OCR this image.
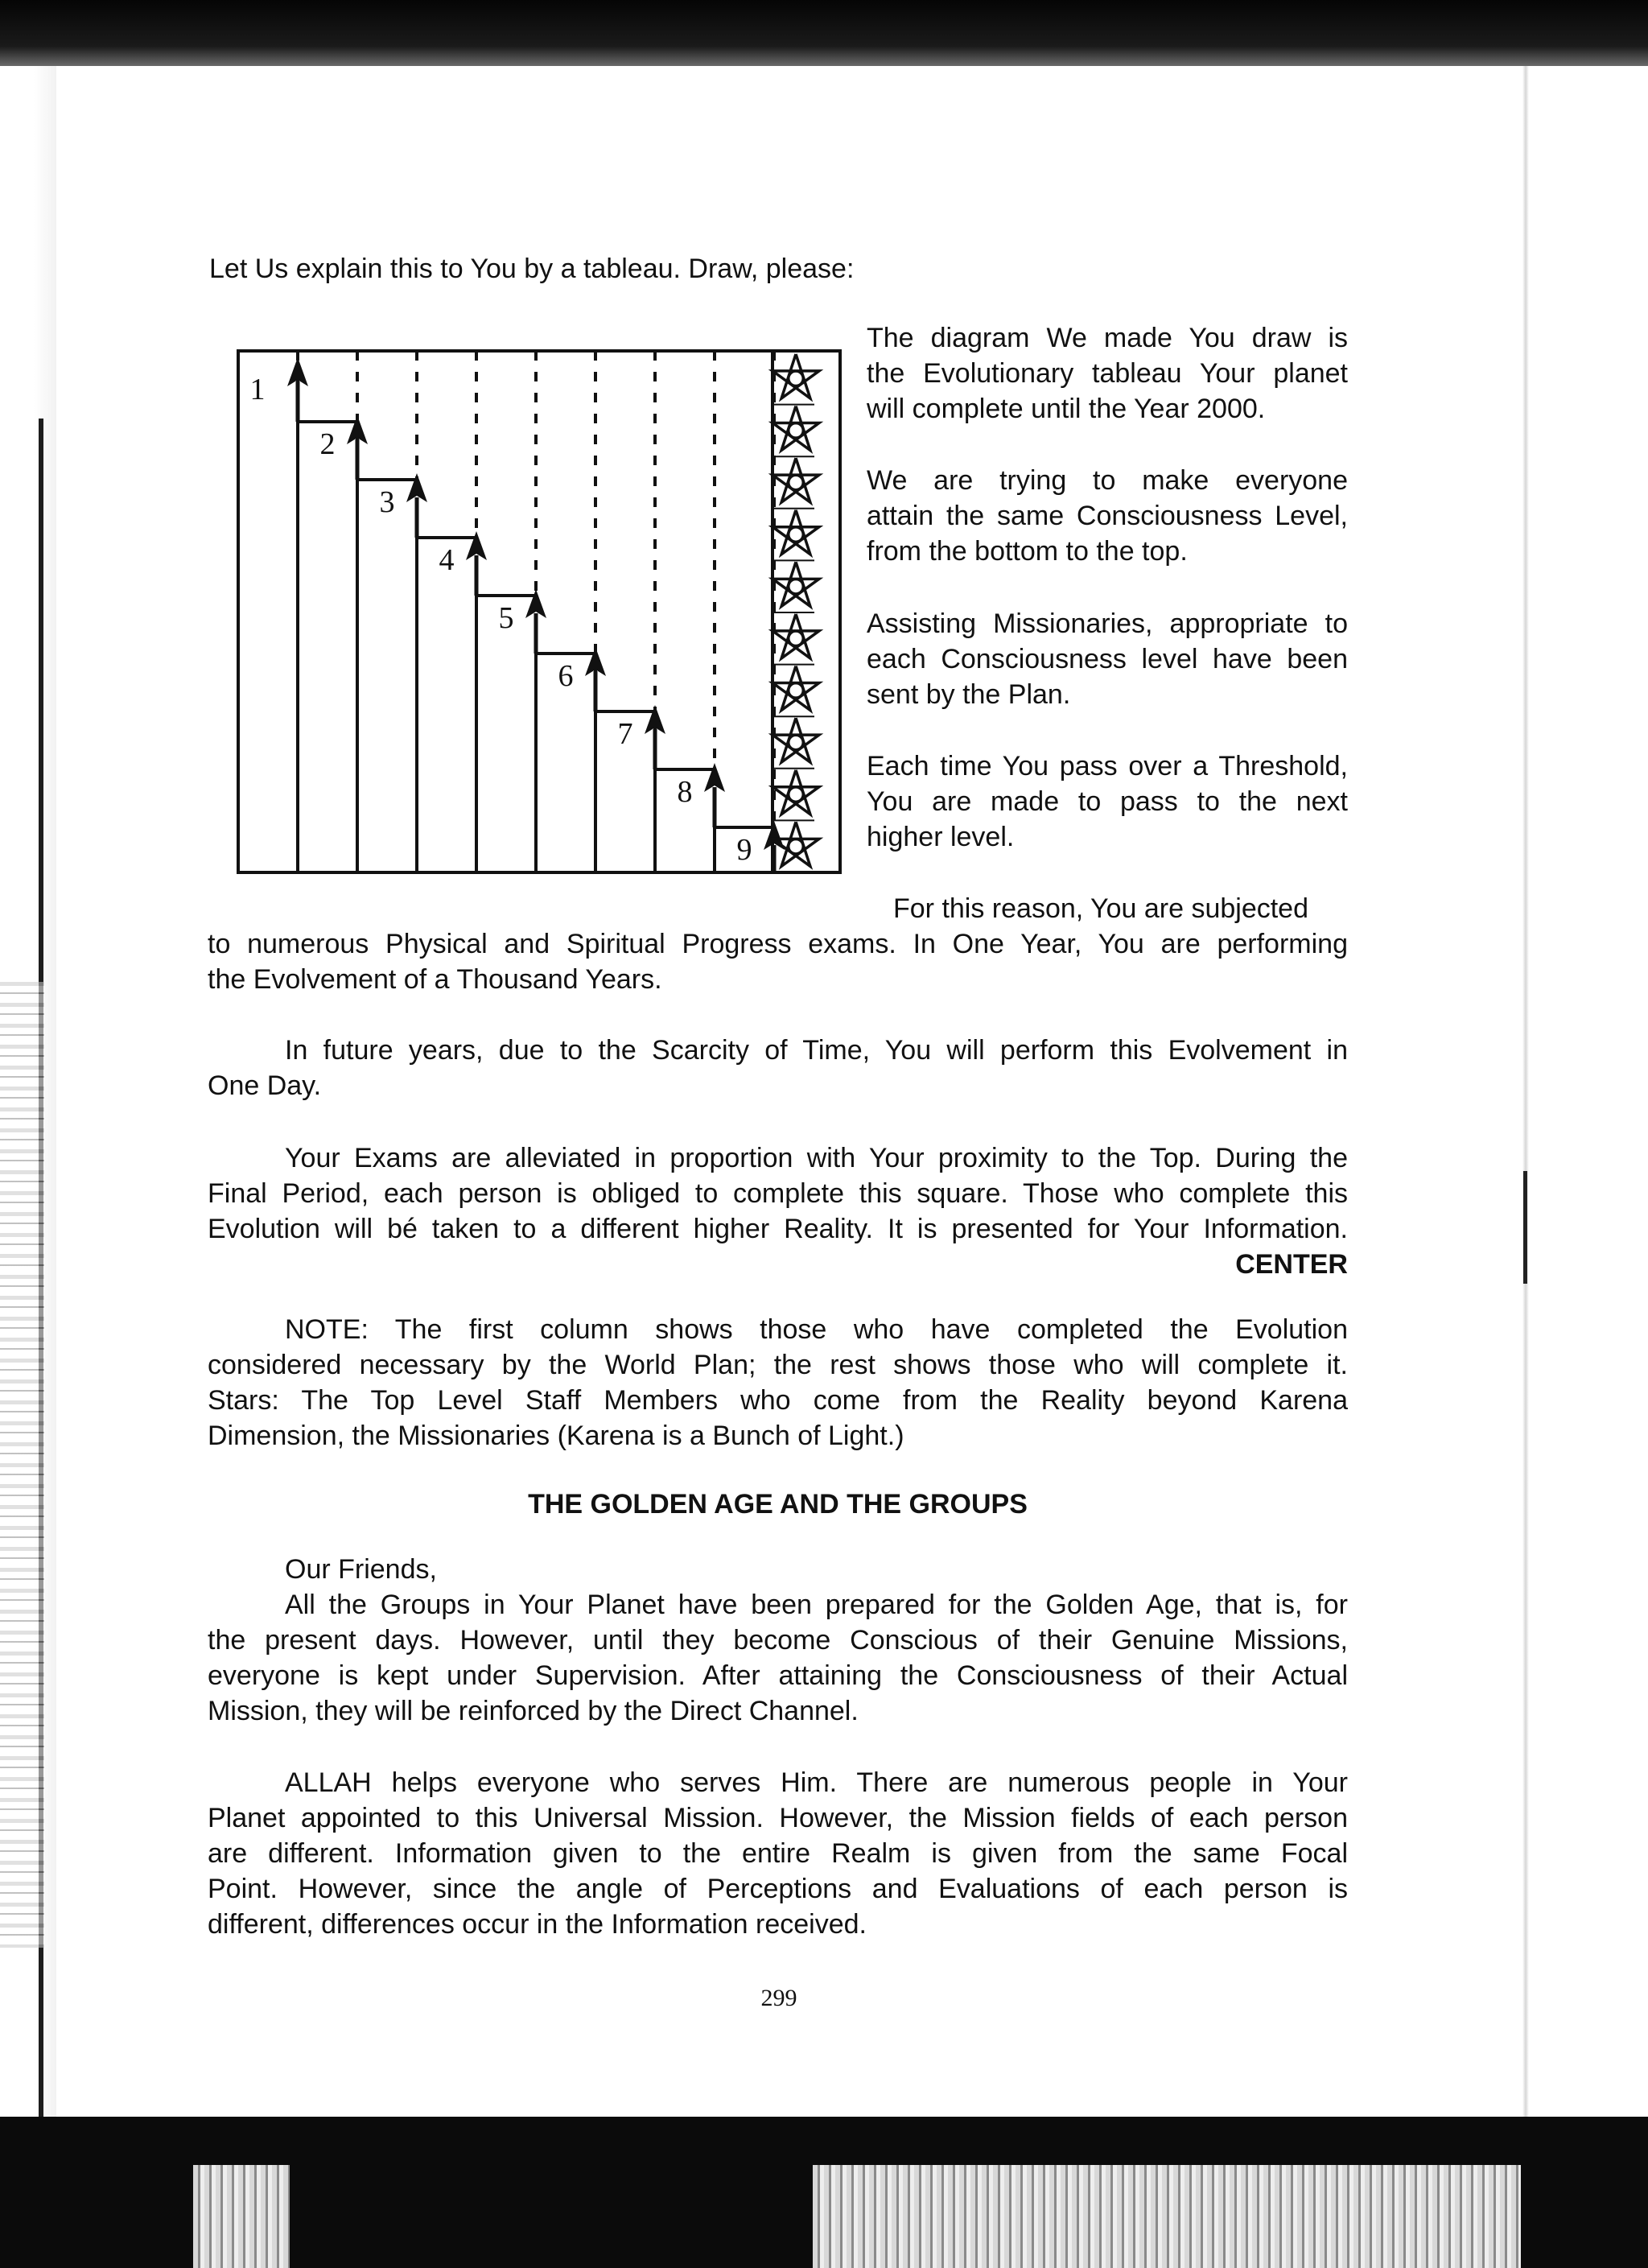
Let Us explain this to You by a tableau. Draw, please:

1
2
3
4
5
6
7
8
9

The diagram We made You draw is

the Evolutionary tableau Your planet

will complete until the Year 2000.

We are trying to make everyone

attain the same Consciousness Level,

from the bottom to the top.

Assisting Missionaries, appropriate to

each Consciousness level have been

sent by the Plan.

Each time You pass over a Threshold,

You are made to pass to the next

higher level.

For this reason, You are subjected

to numerous Physical and Spiritual Progress exams. In One Year, You are performing

the Evolvement of a Thousand Years.

In future years, due to the Scarcity of Time, You will perform this Evolvement in

One Day.

Your Exams are alleviated in proportion with Your proximity to the Top. During the

Final Period, each person is obliged to complete this square. Those who complete this

Evolution will bé taken to a different higher Reality. It is presented for Your Information.

CENTER

NOTE: The first column shows those who have completed the Evolution

considered necessary by the World Plan; the rest shows those who will complete it.

Stars: The Top Level Staff Members who come from the Reality beyond Karena

Dimension, the Missionaries (Karena is a Bunch of Light.)

THE GOLDEN AGE AND THE GROUPS

Our Friends,

All the Groups in Your Planet have been prepared for the Golden Age, that is, for

the present days. However, until they become Conscious of their Genuine Missions,

everyone is kept under Supervision. After attaining the Consciousness of their Actual

Mission, they will be reinforced by the Direct Channel.

ALLAH helps everyone who serves Him. There are numerous people in Your

Planet appointed to this Universal Mission. However, the Mission fields of each person

are different. Information given to the entire Realm is given from the same Focal

Point. However, since the angle of Perceptions and Evaluations of each person is

different, differences occur in the Information received.

299
